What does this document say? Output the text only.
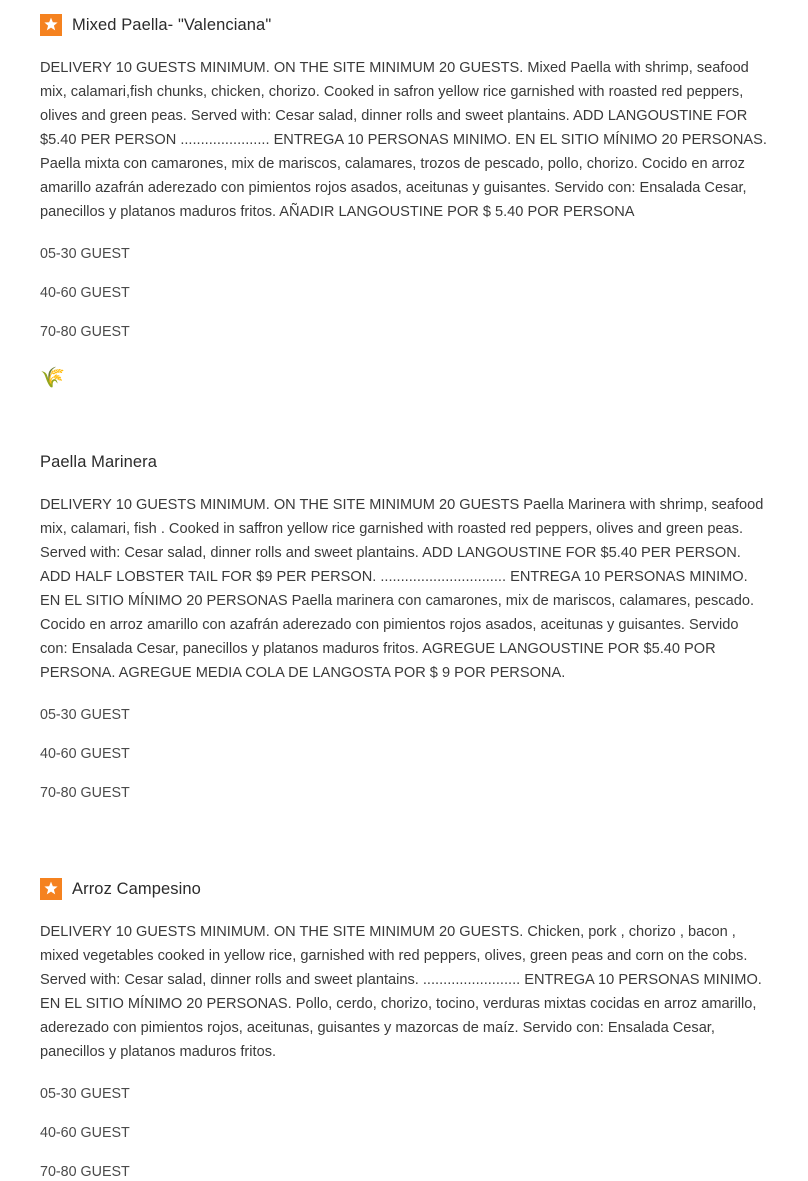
Mixed Paella- "Valenciana"

DELIVERY 10 GUESTS MINIMUM. ON THE SITE MINIMUM 20 GUESTS. Mixed Paella with shrimp, seafood mix, calamari,fish chunks, chicken, chorizo. Cooked in safron yellow rice garnished with roasted red peppers, olives and green peas. Served with: Cesar salad, dinner rolls and sweet plantains. ADD LANGOUSTINE FOR $5.40 PER PERSON ...................... ENTREGA 10 PERSONAS MINIMO. EN EL SITIO MÍNIMO 20 PERSONAS. Paella mixta con camarones, mix de mariscos, calamares, trozos de pescado, pollo, chorizo. Cocido en arroz amarillo azafrán aderezado con pimientos rojos asados, aceitunas y guisantes. Servido con: Ensalada Cesar, panecillos y platanos maduros fritos. AÑADIR LANGOUSTINE POR $ 5.40 POR PERSONA

05-30 GUEST
40-60 GUEST
70-80 GUEST
🌾
Paella Marinera

DELIVERY 10 GUESTS MINIMUM. ON THE SITE MINIMUM 20 GUESTS Paella Marinera with shrimp, seafood mix, calamari, fish . Cooked in saffron yellow rice garnished with roasted red peppers, olives and green peas. Served with: Cesar salad, dinner rolls and sweet plantains. ADD LANGOUSTINE FOR $5.40 PER PERSON. ADD HALF LOBSTER TAIL FOR $9 PER PERSON. ............................... ENTREGA 10 PERSONAS MINIMO. EN EL SITIO MÍNIMO 20 PERSONAS Paella marinera con camarones, mix de mariscos, calamares, pescado. Cocido en arroz amarillo con azafrán aderezado con pimientos rojos asados, aceitunas y guisantes. Servido con: Ensalada Cesar, panecillos y platanos maduros fritos. AGREGUE LANGOUSTINE POR $5.40 POR PERSONA. AGREGUE MEDIA COLA DE LANGOSTA POR $ 9 POR PERSONA.

05-30 GUEST
40-60 GUEST
70-80 GUEST
Arroz Campesino

DELIVERY 10 GUESTS MINIMUM. ON THE SITE MINIMUM 20 GUESTS. Chicken, pork , chorizo , bacon , mixed vegetables cooked in yellow rice, garnished with red peppers, olives, green peas and corn on the cobs. Served with: Cesar salad, dinner rolls and sweet plantains. ........................ ENTREGA 10 PERSONAS MINIMO. EN EL SITIO MÍNIMO 20 PERSONAS. Pollo, cerdo, chorizo, tocino, verduras mixtas cocidas en arroz amarillo, aderezado con pimientos rojos, aceitunas, guisantes y mazorcas de maíz. Servido con: Ensalada Cesar, panecillos y platanos maduros fritos.

05-30 GUEST
40-60 GUEST
70-80 GUEST
